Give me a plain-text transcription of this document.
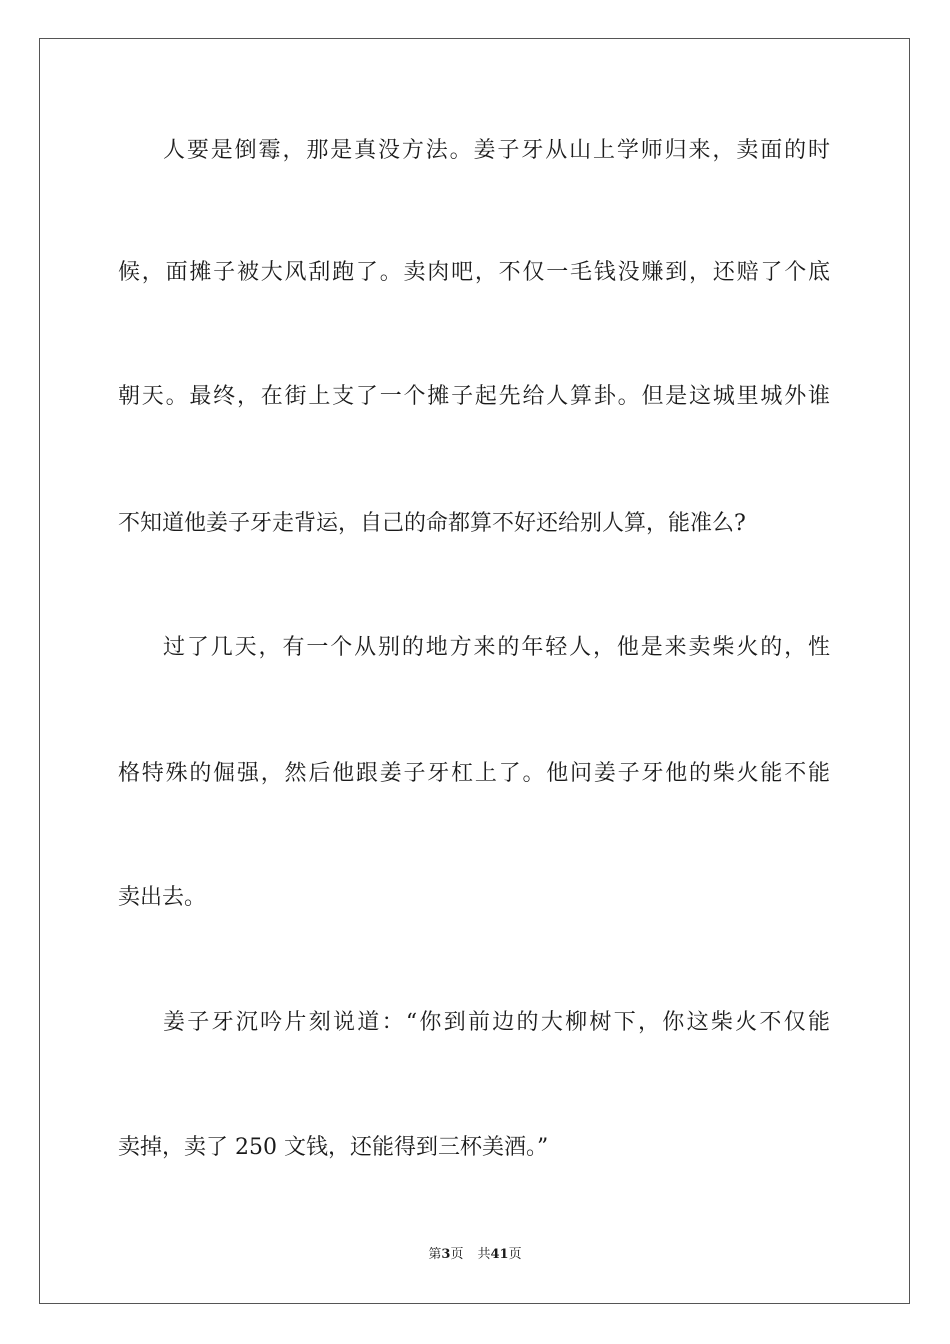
人要是倒霉，那是真没方法。姜子牙从山上学师归来，卖面的时
候，面摊子被大风刮跑了。卖肉吧，不仅一毛钱没赚到，还赔了个底
朝天。最终，在街上支了一个摊子起先给人算卦。但是这城里城外谁
不知道他姜子牙走背运，自己的命都算不好还给别人算，能准么?
过了几天，有一个从别的地方来的年轻人，他是来卖柴火的，性
格特殊的倔强，然后他跟姜子牙杠上了。他问姜子牙他的柴火能不能
卖出去。
姜子牙沉吟片刻说道：“你到前边的大柳树下，你这柴火不仅能
卖掉，卖了 250 文钱，还能得到三杯美酒。”
第3页 共41页
